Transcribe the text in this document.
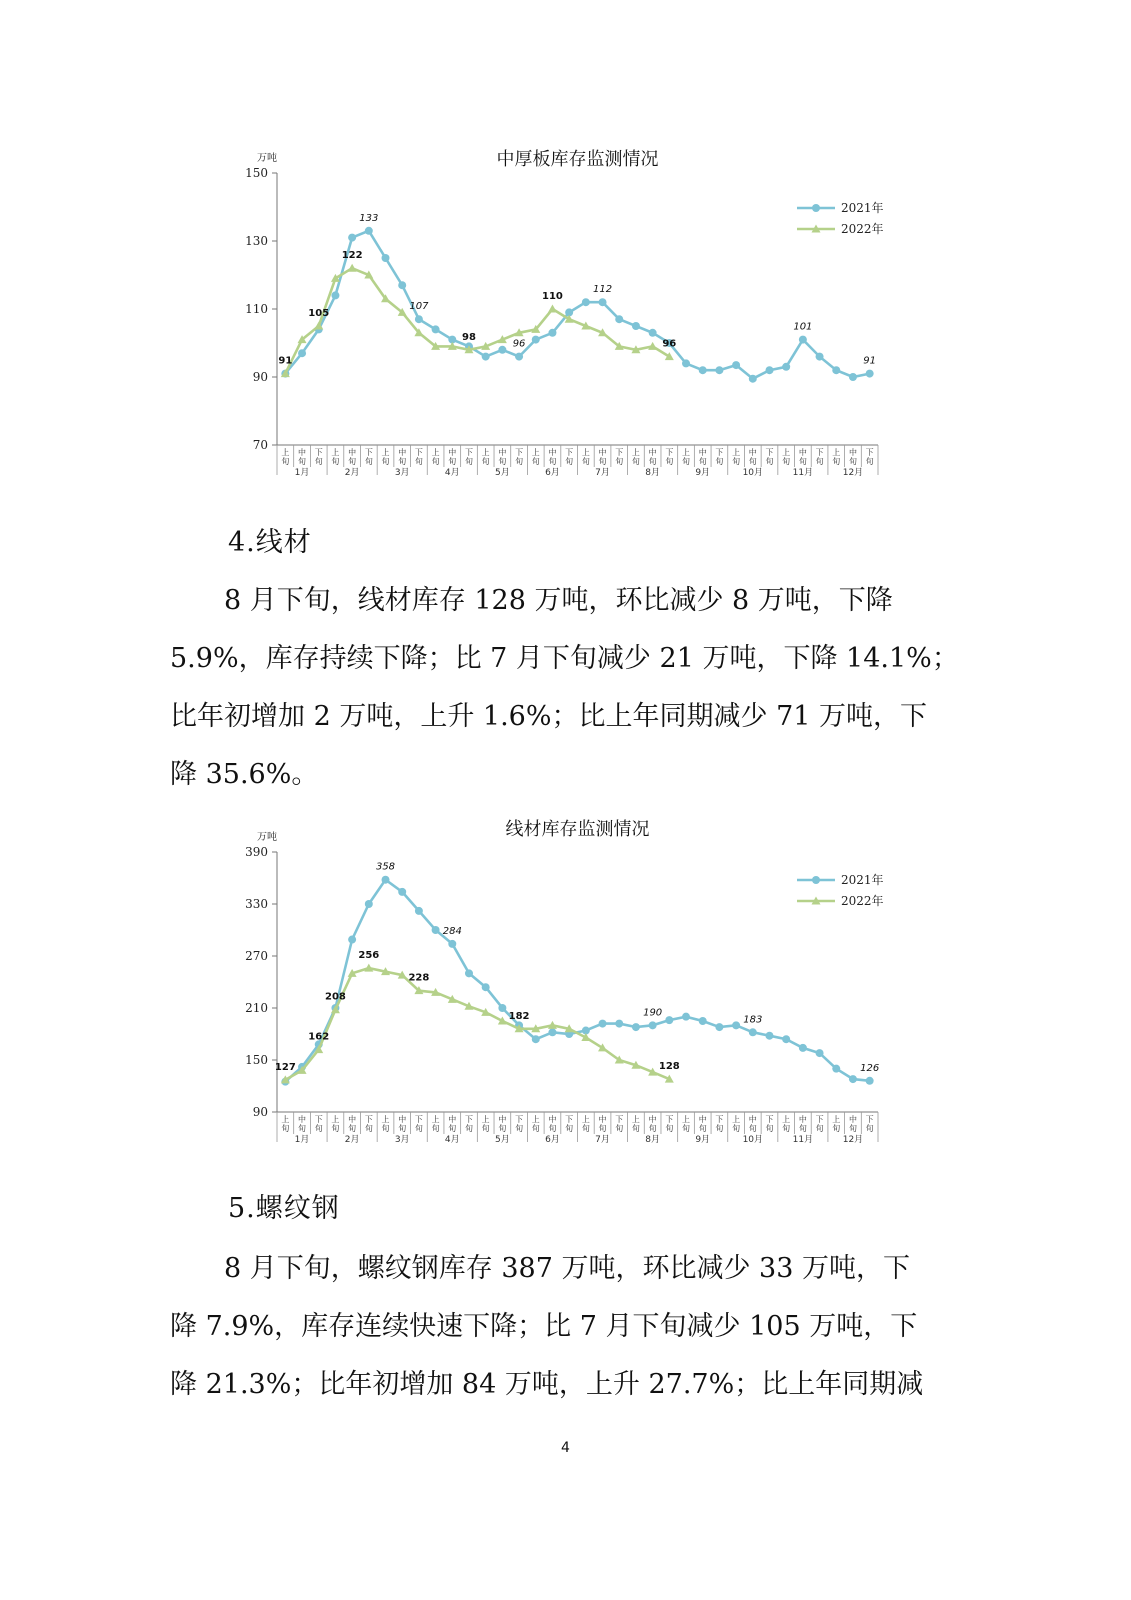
中厚板库存监测情况
万吨
70
90
110
130
150
上
旬
中
旬
下
旬
上
旬
中
旬
下
旬
上
旬
中
旬
下
旬
上
旬
中
旬
下
旬
上
旬
中
旬
下
旬
上
旬
中
旬
下
旬
上
旬
中
旬
下
旬
上
旬
中
旬
下
旬
上
旬
中
旬
下
旬
上
旬
中
旬
下
旬
上
旬
中
旬
下
旬
上
旬
中
旬
下
旬
1月	2月	3月	4月	5月	6月	7月	8月	9月	10月	11月	12月
133
107
96
112
101
91
91
105
122
98
110
96
2021年
2022年
4.线材

　　8 月下旬，线材库存 128 万吨，环比减少 8 万吨，下降
5.9%，库存持续下降；比 7 月下旬减少 21 万吨，下降 14.1%；
比年初增加 2 万吨，上升 1.6%；比上年同期减少 71 万吨，下
降 35.6%。

线材库存监测情况
万吨
90
150
210
270
330
390
上
旬
中
旬
下
旬
上
旬
中
旬
下
旬
上
旬
中
旬
下
旬
上
旬
中
旬
下
旬
上
旬
中
旬
下
旬
上
旬
中
旬
下
旬
上
旬
中
旬
下
旬
上
旬
中
旬
下
旬
上
旬
中
旬
下
旬
上
旬
中
旬
下
旬
上
旬
中
旬
下
旬
上
旬
中
旬
下
旬
1月	2月	3月	4月	5月	6月	7月	8月	9月	10月	11月	12月
358
284
190
183
126
127
162
208
256
228
182
128
2021年
2022年
5.螺纹钢

　　8 月下旬，螺纹钢库存 387 万吨，环比减少 33 万吨，下
降 7.9%，库存连续快速下降；比 7 月下旬减少 105 万吨，下
降 21.3%；比年初增加 84 万吨，上升 27.7%；比上年同期减

4
